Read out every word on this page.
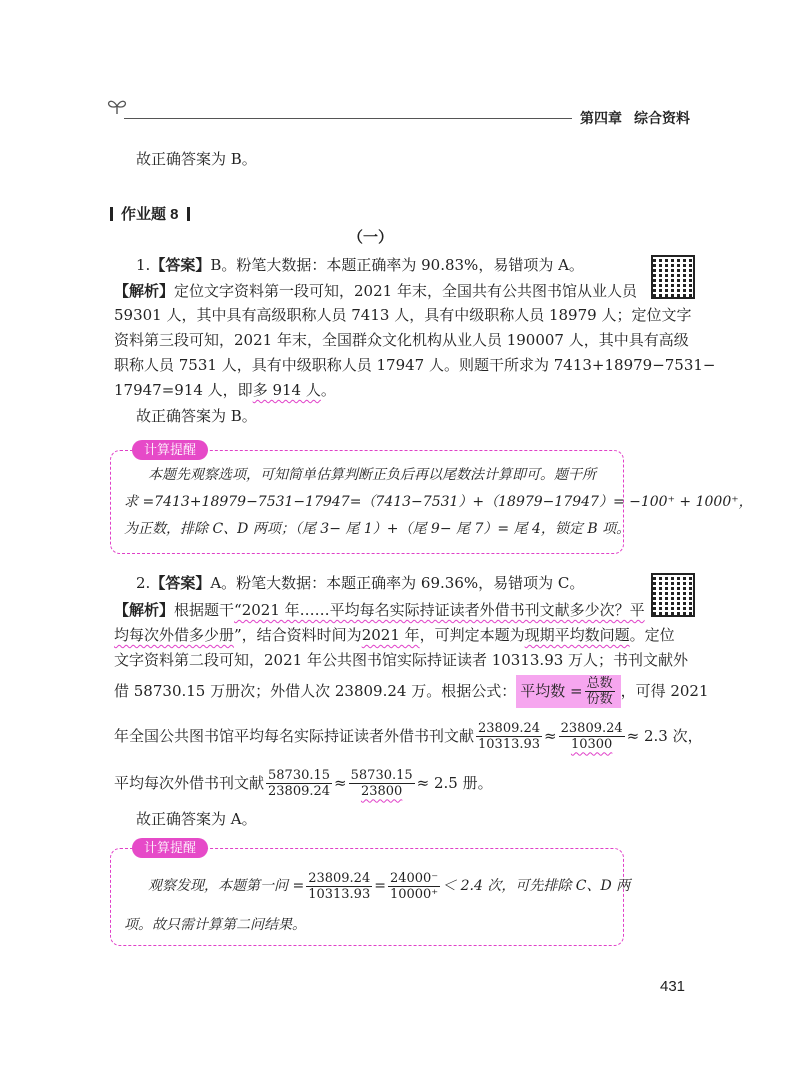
第四章 综合资料
故正确答案为 B。
作业题 8
（一）
1.【答案】B。粉笔大数据：本题正确率为 90.83%，易错项为 A。
【解析】定位文字资料第一段可知，2021 年末，全国共有公共图书馆从业人员
59301 人，其中具有高级职称人员 7413 人，具有中级职称人员 18979 人；定位文字
资料第三段可知，2021 年末，全国群众文化机构从业人员 190007 人，其中具有高级
职称人员 7531 人，具有中级职称人员 17947 人。则题干所求为 7413+18979−7531−
17947=914 人，即多 914 人。
故正确答案为 B。
计算提醒
本题先观察选项，可知简单估算判断正负后再以尾数法计算即可。题干所
求 =7413+18979−7531−17947=（7413−7531）+（18979−17947）= −100⁺ + 1000⁺，
为正数，排除 C、D 两项；（尾 3− 尾 1）+（尾 9− 尾 7）= 尾 4，锁定 B 项。
2.【答案】A。粉笔大数据：本题正确率为 69.36%，易错项为 C。
【解析】根据题干“2021 年……平均每名实际持证读者外借书刊文献多少次？平
均每次外借多少册”，结合资料时间为2021 年，可判定本题为现期平均数问题。定位
文字资料第二段可知，2021 年公共图书馆实际持证读者 10313.93 万人；书刊文献外
借 58730.15 万册次；外借人次 23809.24 万。根据公式： 平均数 = $\frac{\text{总数}}{\text{份数}}$ ，可得 2021
年全国公共图书馆平均每名实际持证读者外借书刊文献 $\frac{23809.24}{10313.93} \approx \frac{23809.24}{10300} \approx 2.3$ 次，
平均每次外借书刊文献 $\frac{58730.15}{23809.24} \approx \frac{58730.15}{23800} \approx 2.5$ 册。
故正确答案为 A。
计算提醒
观察发现，本题第一问 = $\frac{23809.24}{10313.93} = \frac{24000^-}{10000^+} < 2.4$ 次，可先排除 C、D 两
项。故只需计算第二问结果。
431
